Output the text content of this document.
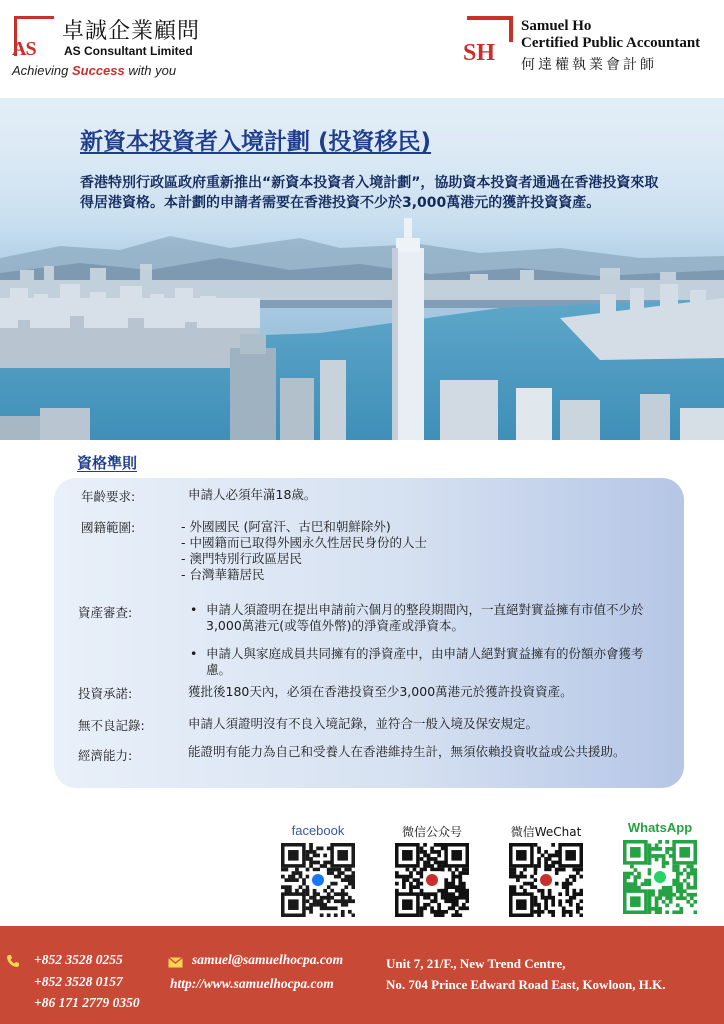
AS
卓誠企業顧問
AS Consultant Limited
Achieving Success with you
SH
Samuel Ho
Certified Public Accountant
何達權執業會計師
新資本投資者入境計劃 (投資移民)
香港特別行政區政府重新推出“新資本投資者入境計劃”，協助資本投資者通過在香港投資來取得居港資格。本計劃的申請者需要在香港投資不少於3,000萬港元的獲許投資資產。
資格準則
年齡要求:	申請人必須年滿18歲。
國籍範圍:	- 外國國民 (阿富汗、古巴和朝鮮除外)
- 中國籍而已取得外國永久性居民身份的人士
- 澳門特別行政區居民
- 台灣華籍居民
資產審查:
•	申請人須證明在提出申請前六個月的整段期間內，一直絕對實益擁有市值不少於3,000萬港元(或等值外幣)的淨資產或淨資本。
• 申請人與家庭成員共同擁有的淨資產中，由申請人絕對實益擁有的份額亦會獲考慮。
投資承諾:	獲批後180天內，必須在香港投資至少3,000萬港元於獲許投資資產。
無不良記錄:	申請人須證明沒有不良入境記錄，並符合一般入境及保安規定。
經濟能力:	能證明有能力為自己和受養人在香港維持生計，無須依賴投資收益或公共援助。
facebook	微信公众号	微信WeChat	WhatsApp
+852 3528 0255
+852 3528 0157
+86 171 2779 0350
samuel@samuelhocpa.com
http://www.samuelhocpa.com
Unit 7, 21/F., New Trend Centre,
No. 704 Prince Edward Road East, Kowloon, H.K.
